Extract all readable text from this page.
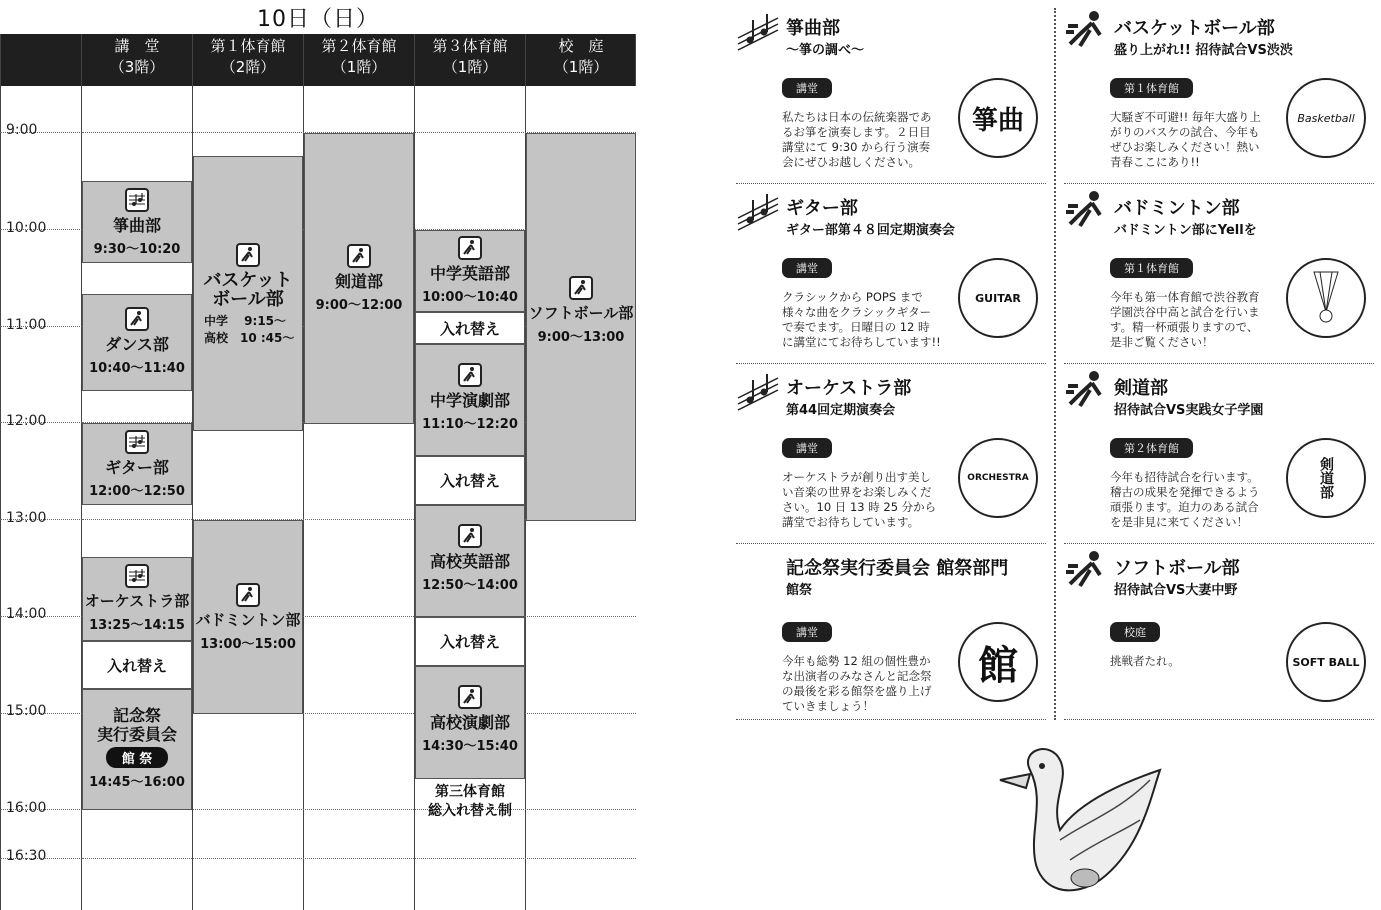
10日（日）
講　堂
（3階）
第１体育館
（2階）
第２体育館
（1階）
第３体育館
（1階）
校　庭
（1階）
9:00
10:00
11:00
12:00
13:00
14:00
15:00
16:00
16:30
箏曲部
9:30〜10:20
ダンス部
10:40〜11:40
ギター部
12:00〜12:50
オーケストラ部
13:25〜14:15
入れ替え
記念祭
実行委員会
館 祭
14:45〜16:00
バスケット
ボール部
中学　 9:15〜
高校　10 :45〜
バドミントン部
13:00〜15:00
剣道部
9:00〜12:00
中学英語部
10:00〜10:40
入れ替え
中学演劇部
11:10〜12:20
入れ替え
高校英語部
12:50〜14:00
入れ替え
高校演劇部
14:30〜15:40
第三体育館
総入れ替え制
ソフトボール部
9:00〜13:00
箏曲部
〜箏の調べ〜
講堂
私たちは日本の伝統楽器であ
るお箏を演奏します。２日目
講堂にて 9:30 から行う演奏
会にぜひお越しください。
箏曲
バスケットボール部
盛り上がれ!! 招待試合VS渋渋
第１体育館
大騒ぎ不可避!! 毎年大盛り上
がりのバスケの試合、今年も
ぜひお楽しみください！熱い
青春ここにあり!!
Basketball
ギター部
ギター部第４８回定期演奏会
講堂
クラシックから POPS まで
様々な曲をクラシックギター
で奏でます。日曜日の 12 時
に講堂にてお待ちしています!!
GUITAR
バドミントン部
バドミントン部にYellを
第１体育館
今年も第一体育館で渋谷教育
学園渋谷中高と試合を行いま
す。精一杯頑張りますので、
是非ご覧ください！
オーケストラ部
第44回定期演奏会
講堂
オーケストラが創り出す美し
い音楽の世界をお楽しみくだ
さい。10 日 13 時 25 分から
講堂でお待ちしています。
ORCHESTRA
剣道部
招待試合VS実践女子学園
第２体育館
今年も招待試合を行います。
稽古の成果を発揮できるよう
頑張ります。迫力のある試合
を是非見に来てください！
剣道部
記念祭実行委員会 館祭部門
館祭
講堂
今年も総勢 12 組の個性豊か
な出演者のみなさんと記念祭
の最後を彩る館祭を盛り上げ
ていきましょう！
館
ソフトボール部
招待試合VS大妻中野
校庭
挑戦者たれ。	SOFT BALL
